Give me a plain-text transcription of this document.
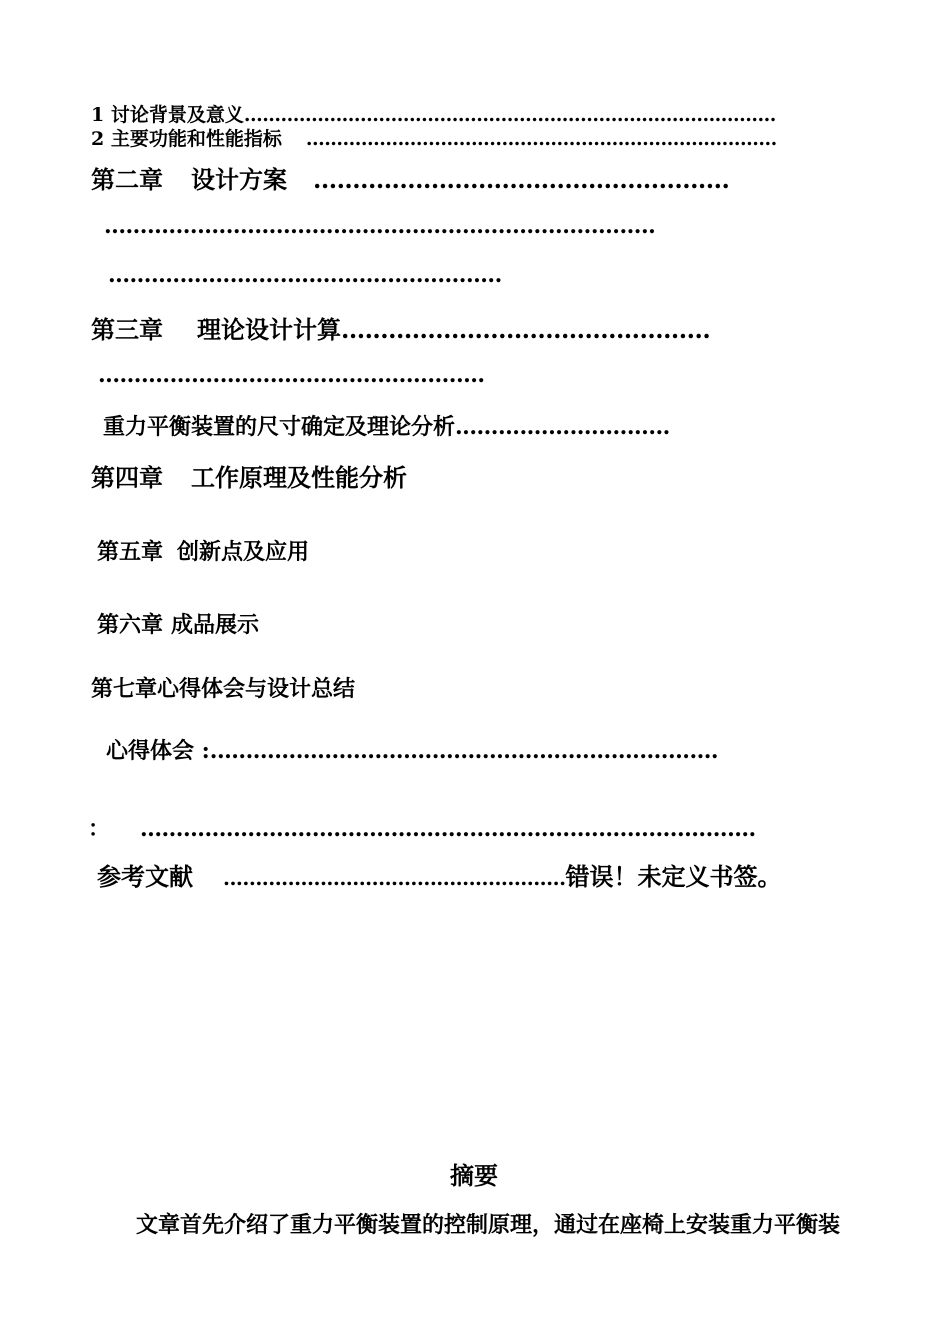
1 讨论背景及意义.......................................................................................
2 主要功能和性能指标 .............................................................................
第二章 设计方案 .....................................................
.............................................................................
.......................................................
第三章 理论设计计算...............................................
......................................................
重力平衡装置的尺寸确定及理论分析..............................
第四章 工作原理及性能分析
第五章 创新点及应用
第六章 成品展示
第七章心得体会与设计总结
心得体会 :.......................................................................
： ......................................................................................
参考文献 .....................................................错误！未定义书签。
摘要
文章首先介绍了重力平衡装置的控制原理，通过在座椅上安装重力平衡装
